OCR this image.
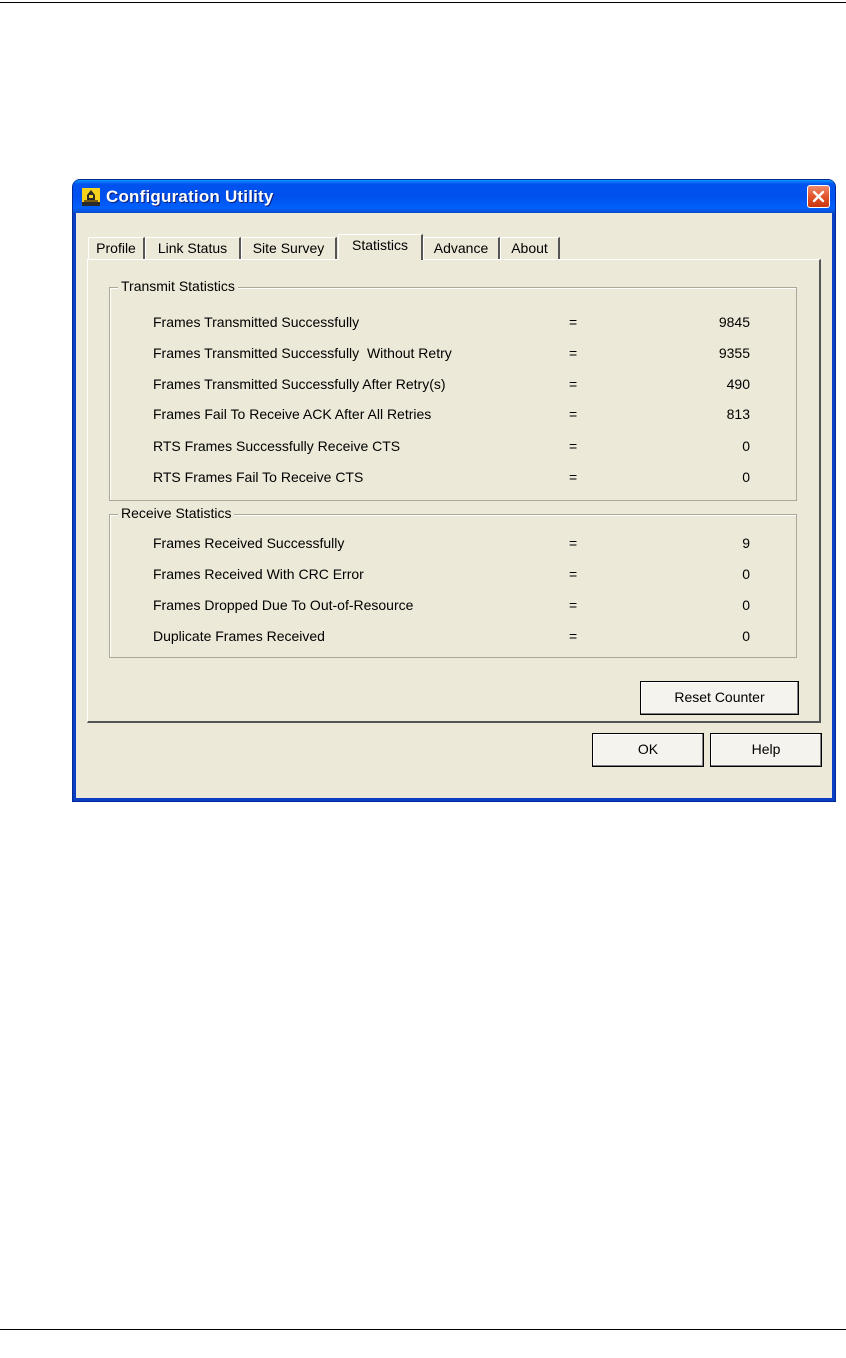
Configuration Utility
Profile	Link Status	Site Survey	Statistics	Advance	About
Transmit Statistics
Frames Transmitted Successfully	=	9845
Frames Transmitted Successfully  Without Retry	=	9355
Frames Transmitted Successfully After Retry(s)	=	490
Frames Fail To Receive ACK After All Retries	=	813
RTS Frames Successfully Receive CTS	=	0
RTS Frames Fail To Receive CTS	=	0
Receive Statistics
Frames Received Successfully	=	9
Frames Received With CRC Error	=	0
Frames Dropped Due To Out-of-Resource	=	0
Duplicate Frames Received	=	0
Reset Counter
OK	Help
